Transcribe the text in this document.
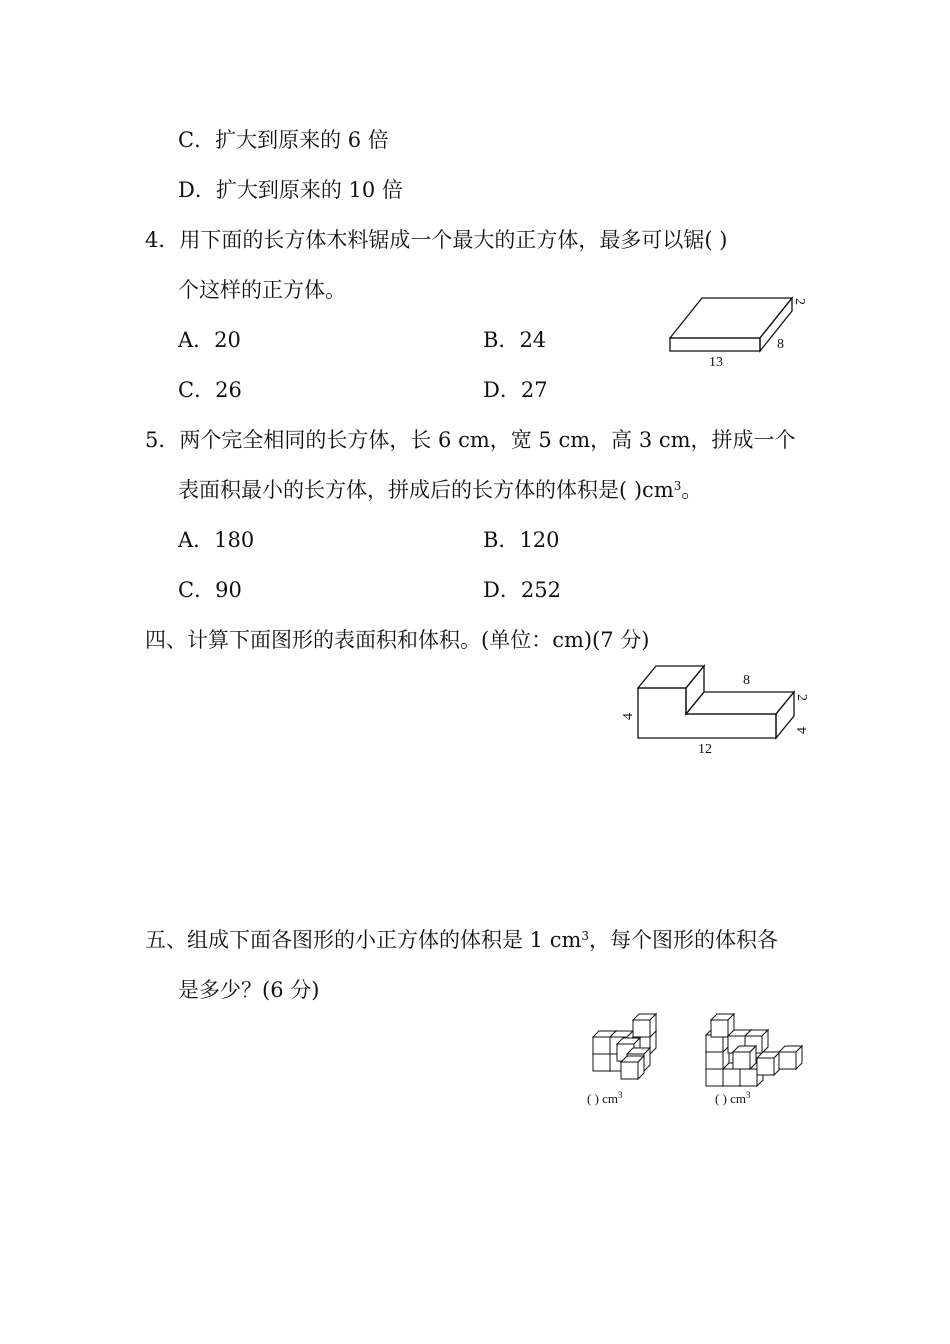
C．扩大到原来的 6 倍
D．扩大到原来的 10 倍
4．用下面的长方体木料锯成一个最大的正方体，最多可以锯( )
个这样的正方体。
A．20	B．24
C．26	D．27
13
8
2
5．两个完全相同的长方体，长 6 cm，宽 5 cm，高 3 cm，拼成一个
表面积最小的长方体，拼成后的长方体的体积是( )$cm^3$。
A．180	B．120
C．90	D．252
四、计算下面图形的表面积和体积。(单位：cm)(7 分)
8
2
4
4
12
五、组成下面各图形的小正方体的体积是 1 $cm^3$，每个图形的体积各
是多少？(6 分)
( ) $cm^3$	( ) $cm^3$
